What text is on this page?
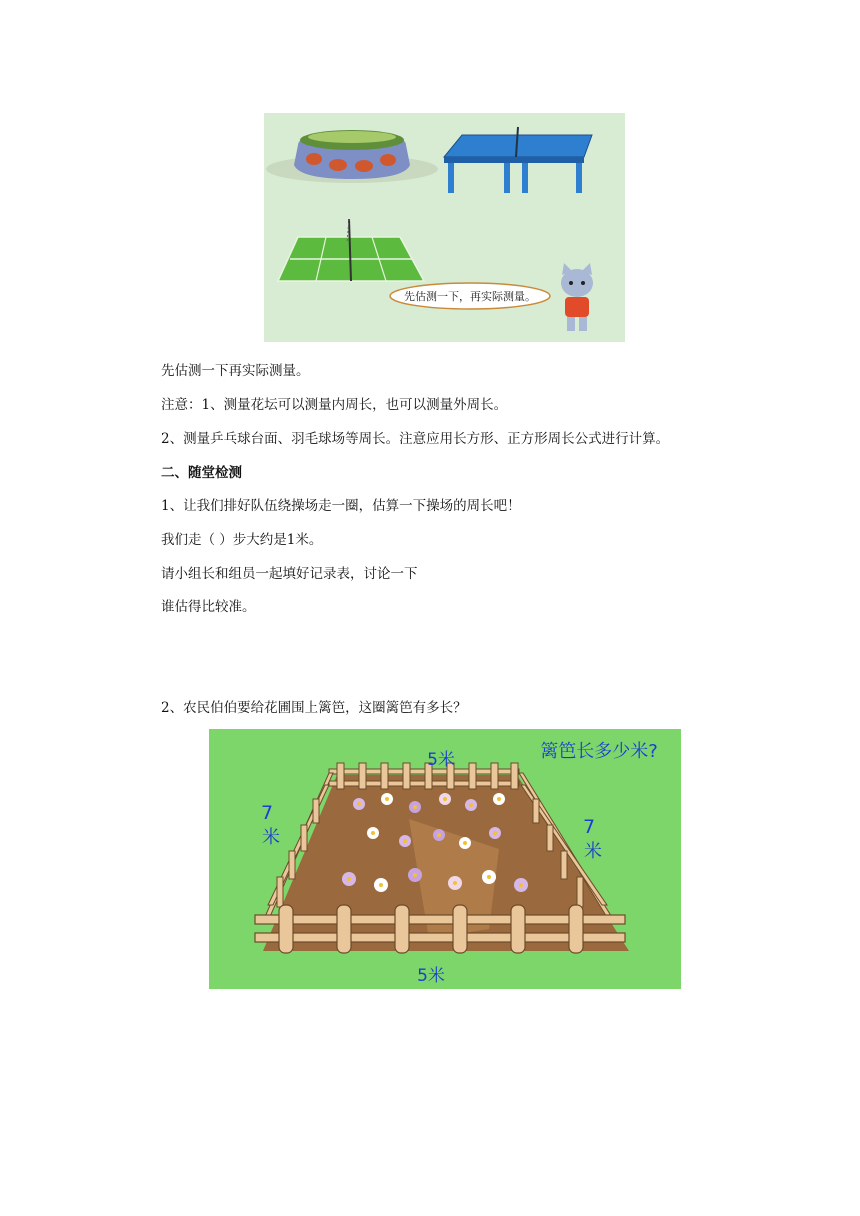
先估测一下，再实际测量。
先估测一下再实际测量。
注意：1、测量花坛可以测量内周长，也可以测量外周长。
2、测量乒乓球台面、羽毛球场等周长。注意应用长方形、正方形周长公式进行计算。
二、随堂检测
1、让我们排好队伍绕操场走一圈，估算一下操场的周长吧！
我们走（ ）步大约是1米。
请小组长和组员一起填好记录表，讨论一下
谁估得比较准。
2、农民伯伯要给花圃围上篱笆，这圈篱笆有多长？
篱笆长多少米?
5米
5米
7
米	7
米
